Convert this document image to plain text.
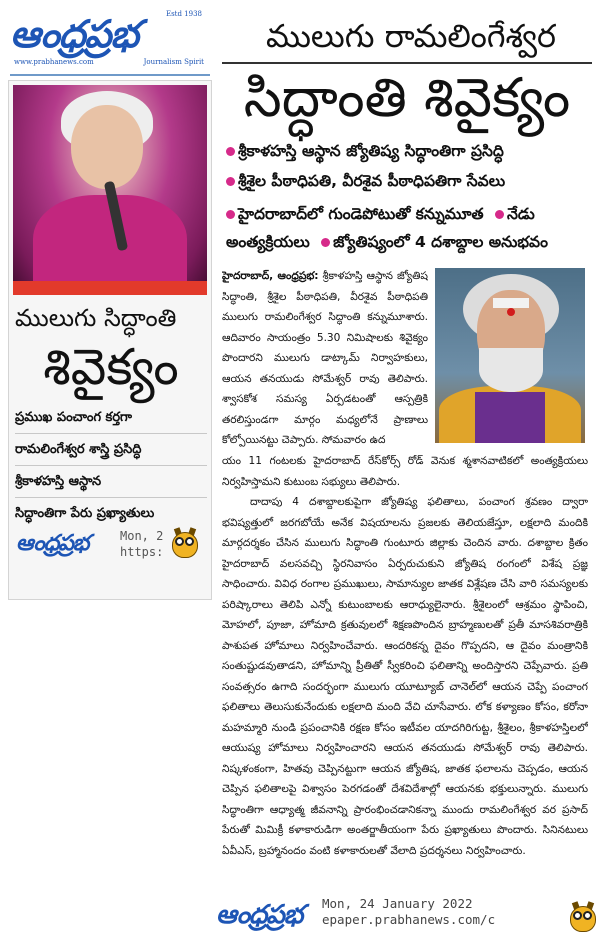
ఆంధ్రప్రభ	Estd 1938
www.prabhanews.com	Journalism Spirit
ములుగు సిద్ధాంతి
శివైక్యం
ప్రముఖ పంచాంగ కర్తగా
రామలింగేశ్వర శాస్త్రి ప్రసిద్ధి
శ్రీకాళహస్తి ఆస్థాన
సిద్ధాంతిగా పేరు ప్రఖ్యాతులు
ఆంధ్రప్రభ	Mon, 2
https:
ములుగు రామలింగేశ్వర
సిద్ధాంతి శివైక్యం
శ్రీకాళహస్తి ఆస్థాన జ్యోతిష్య సిద్ధాంతిగా ప్రసిద్ధి
శ్రీశైల పీఠాధిపతి, వీరశైవ పీఠాధిపతిగా సేవలు
హైదరాబాద్‌లో గుండెపోటుతో కన్నుమూత నేడు
అంత్యక్రియలు జ్యోతిష్యంలో 4 దశాబ్దాల అనుభవం

హైదరాబాద్‌, ఆంధ్రప్రభ: శ్రీకాళహస్తి ఆస్థాన జ్యోతిష సిద్ధాంతి, శ్రీశైల పీఠాధిపతి, వీరశైవ పీఠాధిపతి ములుగు రామలింగేశ్వర సిద్ధాంతి కన్నుమూశారు. ఆదివారం సాయంత్రం 5.30 నిమిషాలకు శివైక్యం పొందారని ములుగు డాట్కామ్‌ నిర్వాహకులు, ఆయన తనయుడు సోమేశ్వర్‌ రావు తెలిపారు. శ్వాసకోశ సమస్య ఏర్పడటంతో ఆస్పత్రికి తరలిస్తుండగా మార్గం మధ్యలోనే ప్రాణాలు కోల్పోయినట్టు చెప్పారు. సోమవారం ఉద

యం 11 గంటలకు హైదరాబాద్‌ రేస్‌కోర్స్‌ రోడ్‌ వెనుక శ్మశానవాటికలో అంత్యక్రియలు నిర్వహిస్తామని కుటుంబ సభ్యులు తెలిపారు.

దాదాపు 4 దశాబ్దాలకుపైగా జ్యోతిష్య ఫలితాలు, పంచాంగ శ్రవణం ద్వారా భవిష్యత్తులో జరగబోయే అనేక విషయాలను ప్రజలకు తెలియజేస్తూ, లక్షలాది మందికి మార్గదర్శకం చేసిన ములుగు సిద్ధాంతి గుంటూరు జిల్లాకు చెందిన వారు. దశాబ్దాల క్రితం హైదరాబాద్‌ వలసవచ్చి స్థిరనివాసం ఏర్పరుచుకుని జ్యోతిష రంగంలో విశేష ప్రజ్ఞ సాధించారు. వివిధ రంగాల ప్రముఖులు, సామాన్యుల జాతక విశ్లేషణ చేసి వారి సమస్యలకు పరిష్కారాలు తెలిపి ఎన్నో కుటుంబాలకు ఆరాధ్యులైనారు. శ్రీశైలంలో ఆశ్రమం స్థాపించి, మోహలో, పూజా, హోమాది క్రతువులలో శిక్షణపొందిన బ్రాహ్మణులతో ప్రతీ మాసశివరాత్రికి పాశుపత హోమాలు నిర్వహించేవారు. ఆందరికన్న దైవం గొప్పదని, ఆ దైవం మంత్రానికి సంతుష్టుడవుతాడని, హోమాన్ని ప్రీతితో స్వీకరించి ఫలితాన్ని అందిస్తారని చెప్పేవారు. ప్రతి సంవత్సరం ఉగాది సందర్భంగా ములుగు యూట్యూబ్‌ చానెల్‌లో ఆయన చెప్పే పంచాంగ ఫలితాలు తెలుసుకునేందుకు లక్షలాది మంది వేచి చూసేవారు. లోక కళ్యాణం కోసం, కరోనా మహమ్మారి నుండి ప్రపంచానికి రక్షణ కోసం ఇటీవల యాదగిరిగుట్ట, శ్రీశైలం, శ్రీకాళహస్తిలలో ఆయుష్య హోమాలు నిర్వహించారని ఆయన తనయుడు సోమేశ్వర్‌ రావు తెలిపారు. నిష్కళంకంగా, హితవు చెప్పినట్టుగా ఆయన జ్యోతిష, జాతక ఫలాలను చెప్పడం, ఆయన చెప్పిన ఫలితాలపై విశ్వాసం పెరగడంతో దేశవిదేశాల్లో ఆయనకు భక్తులున్నారు. ములుగు సిద్ధాంతిగా ఆధ్యాత్మ జీవనాన్ని ప్రారంభించడానికన్నా ముందు రామలింగేశ్వర వర ప్రసాద్‌ పేరుతో మిమిక్రీ కళాకారుడిగా అంతర్జాతీయంగా పేరు ప్రఖ్యాతులు పొందారు. సినినటులు ఏవీఎస్‌, బ్రహ్మానందం వంటి కళాకారులతో వేలాది ప్రదర్శనలు నిర్వహించారు.

ఆంధ్రప్రభ Mon, 24 January 2022
epaper.prabhanews.com/c
